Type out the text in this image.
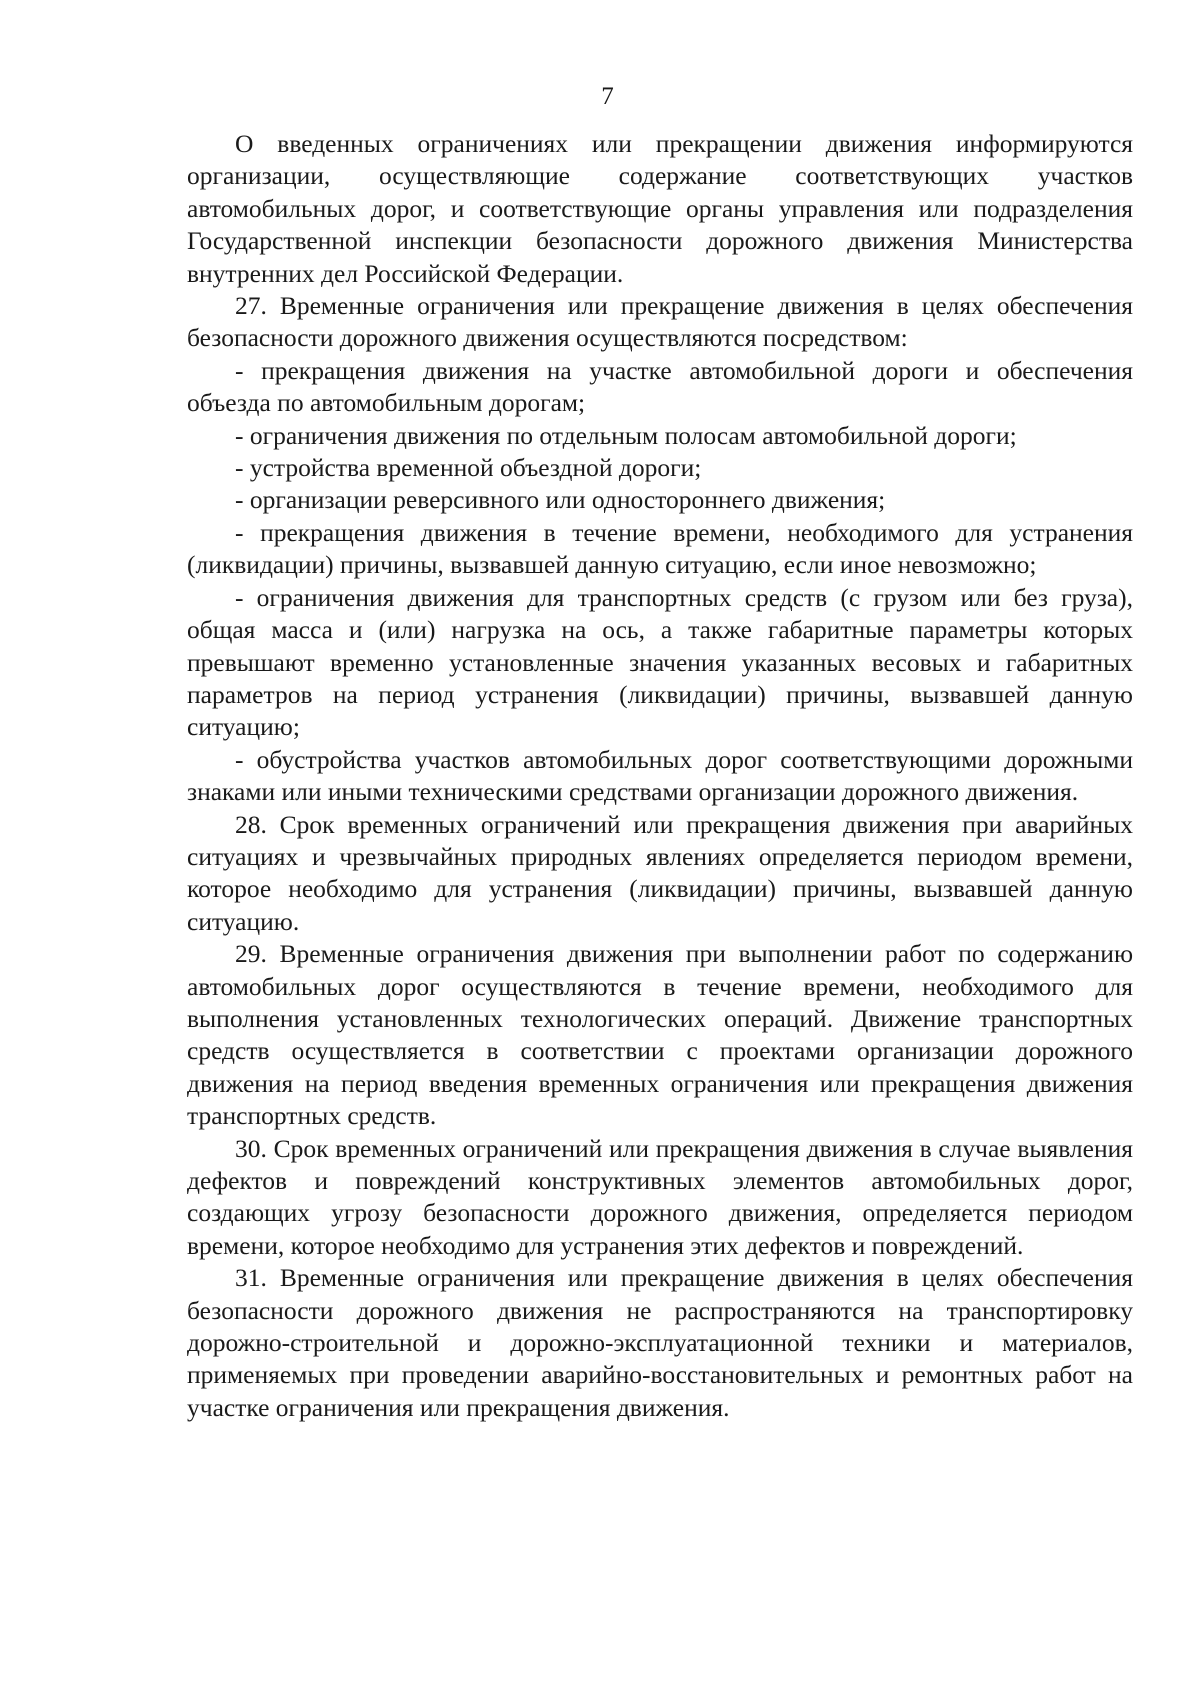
7

О введенных ограничениях или прекращении движения информируются организации, осуществляющие содержание соответствующих участков автомобильных дорог, и соответствующие органы управления или подразделения Государственной инспекции безопасности дорожного движения Министерства внутренних дел Российской Федерации.

27. Временные ограничения или прекращение движения в целях обеспечения безопасности дорожного движения осуществляются посредством:

- прекращения движения на участке автомобильной дороги и обеспечения объезда по автомобильным дорогам;

- ограничения движения по отдельным полосам автомобильной дороги;

- устройства временной объездной дороги;

- организации реверсивного или одностороннего движения;

- прекращения движения в течение времени, необходимого для устранения (ликвидации) причины, вызвавшей данную ситуацию, если иное невозможно;

- ограничения движения для транспортных средств (с грузом или без груза), общая масса и (или) нагрузка на ось, а также габаритные параметры которых превышают временно установленные значения указанных весовых и габаритных параметров на период устранения (ликвидации) причины, вызвавшей данную ситуацию;

- обустройства участков автомобильных дорог соответствующими дорожными знаками или иными техническими средствами организации дорожного движения.

28. Срок временных ограничений или прекращения движения при аварийных ситуациях и чрезвычайных природных явлениях определяется периодом времени, которое необходимо для устранения (ликвидации) причины, вызвавшей данную ситуацию.

29. Временные ограничения движения при выполнении работ по содержанию автомобильных дорог осуществляются в течение времени, необходимого для выполнения установленных технологических операций. Движение транспортных средств осуществляется в соответствии с проектами организации дорожного движения на период введения временных ограничения или прекращения движения транспортных средств.

30. Срок временных ограничений или прекращения движения в случае выявления дефектов и повреждений конструктивных элементов автомобильных дорог, создающих угрозу безопасности дорожного движения, определяется периодом времени, которое необходимо для устранения этих дефектов и повреждений.

31. Временные ограничения или прекращение движения в целях обеспечения безопасности дорожного движения не распространяются на транспортировку дорожно-строительной и дорожно-эксплуатационной техники и материалов, применяемых при проведении аварийно-восстановительных и ремонтных работ на участке ограничения или прекращения движения.
